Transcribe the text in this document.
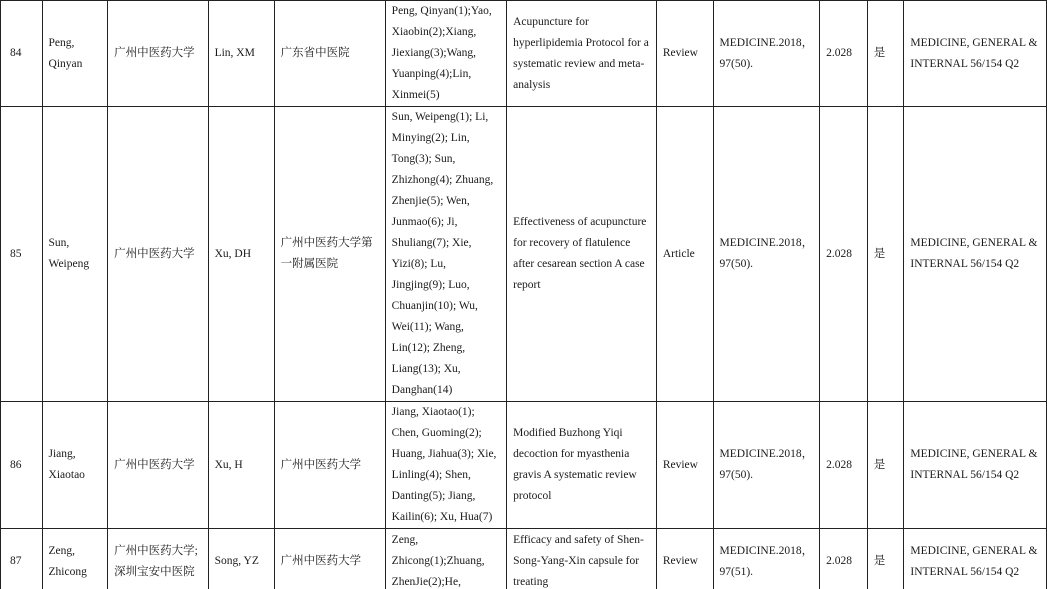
84	Peng, Qinyan	广州中医药大学	Lin, XM	广东省中医院	Peng, Qinyan(1);Yao, Xiaobin(2);Xiang, Jiexiang(3);Wang, Yuanping(4);Lin, Xinmei(5)	Acupuncture for hyperlipidemia Protocol for a systematic review and meta-analysis	Review	MEDICINE.2018，97(50).	2.028	是	MEDICINE, GENERAL & INTERNAL 56/154 Q2
85	Sun, Weipeng	广州中医药大学	Xu, DH	广州中医药大学第一附属医院	Sun, Weipeng(1); Li, Minying(2); Lin, Tong(3); Sun, Zhizhong(4); Zhuang, Zhenjie(5); Wen, Junmao(6); Ji, Shuliang(7); Xie, Yizi(8); Lu, Jingjing(9); Luo, Chuanjin(10); Wu, Wei(11); Wang, Lin(12); Zheng, Liang(13); Xu, Danghan(14)	Effectiveness of acupuncture for recovery of flatulence after cesarean section A case report	Article	MEDICINE.2018，97(50).	2.028	是	MEDICINE, GENERAL & INTERNAL 56/154 Q2
86	Jiang, Xiaotao	广州中医药大学	Xu, H	广州中医药大学	Jiang, Xiaotao(1); Chen, Guoming(2); Huang, Jiahua(3); Xie, Linling(4); Shen, Danting(5); Jiang, Kailin(6); Xu, Hua(7)	Modified Buzhong Yiqi decoction for myasthenia gravis A systematic review protocol	Review	MEDICINE.2018，97(50).	2.028	是	MEDICINE, GENERAL & INTERNAL 56/154 Q2
87	Zeng, Zhicong	广州中医药大学;深圳宝安中医院	Song, YZ	广州中医药大学	Zeng, Zhicong(1);Zhuang, ZhenJie(2);He,	Efficacy and safety of Shen-Song-Yang-Xin capsule for treating	Review	MEDICINE.2018，97(51).	2.028	是	MEDICINE, GENERAL & INTERNAL 56/154 Q2
